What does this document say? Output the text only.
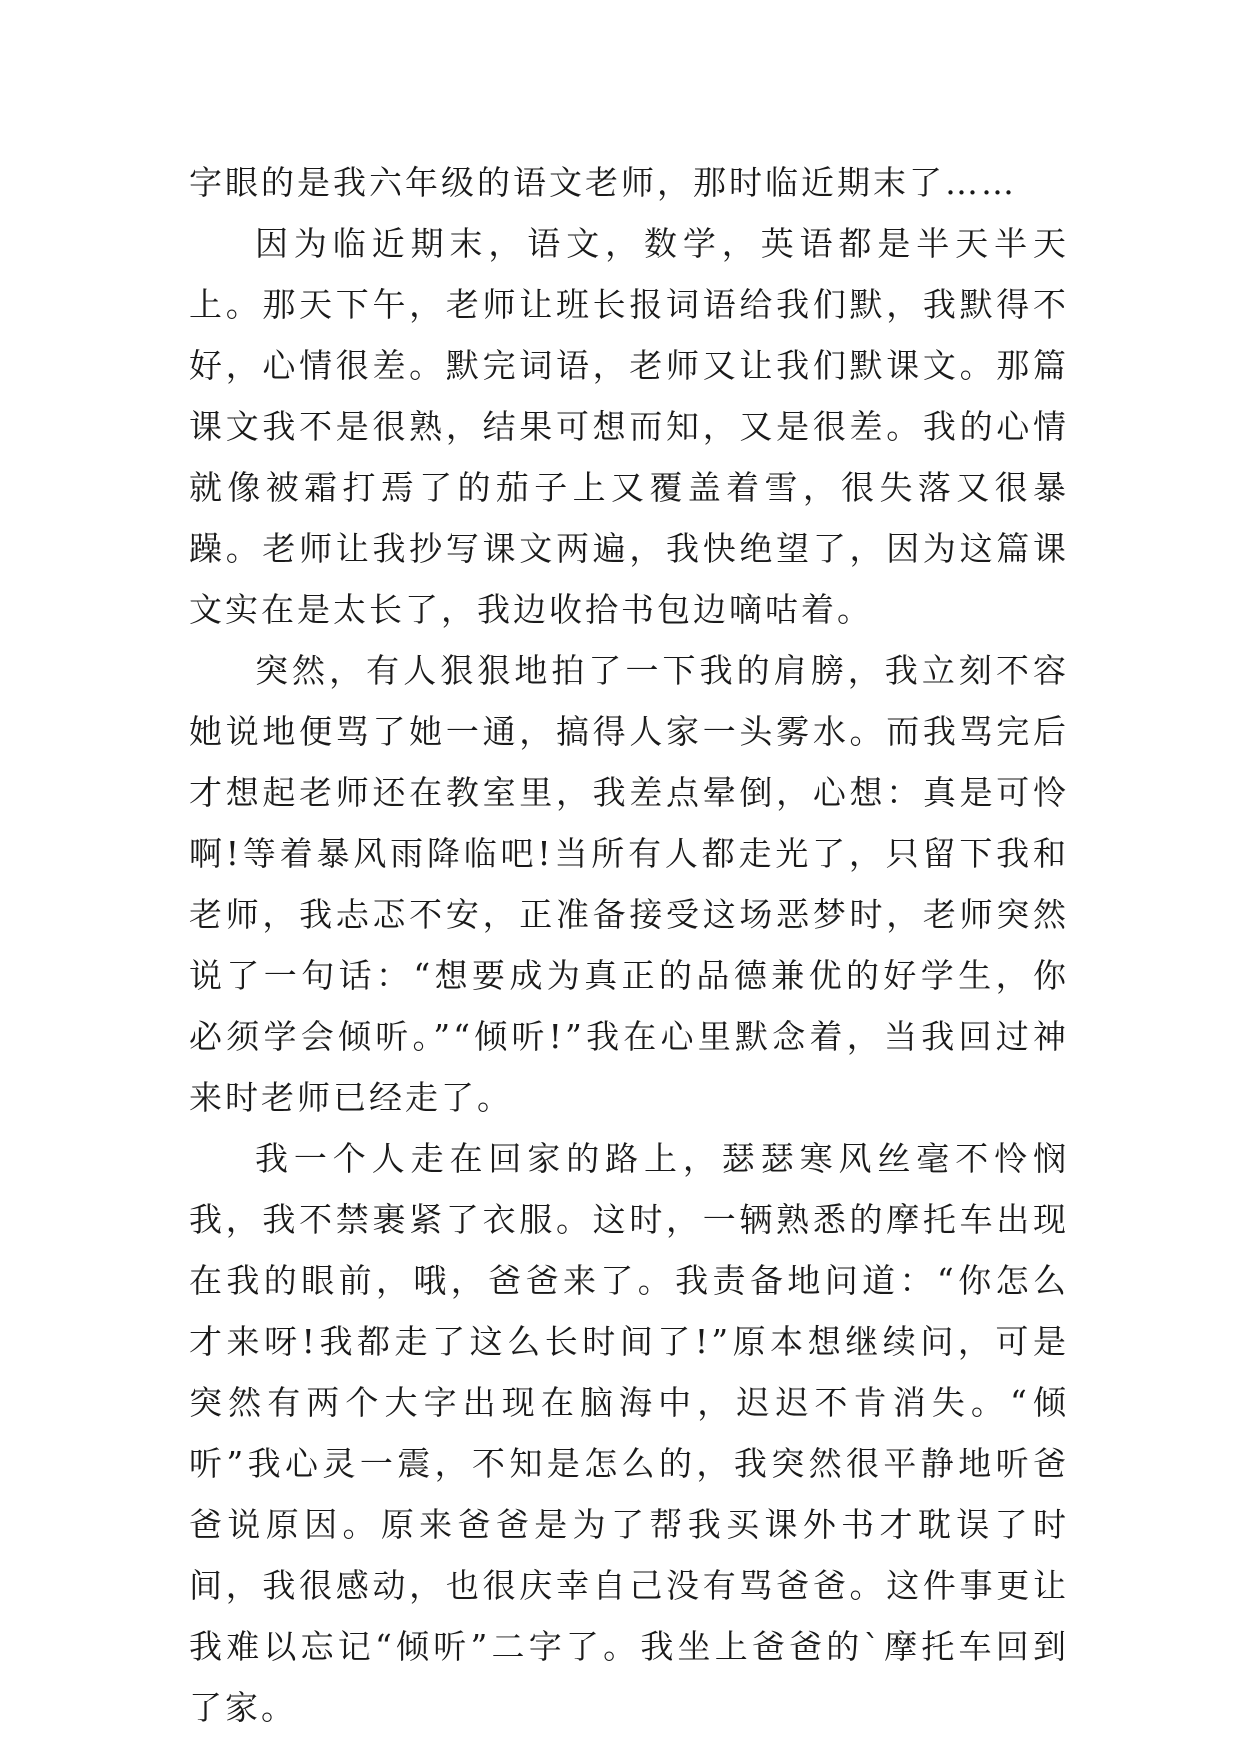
字眼的是我六年级的语文老师，那时临近期末了……

因为临近期末，语文，数学，英语都是半天半天上。那天下午，老师让班长报词语给我们默，我默得不好，心情很差。默完词语，老师又让我们默课文。那篇课文我不是很熟，结果可想而知，又是很差。我的心情就像被霜打焉了的茄子上又覆盖着雪，很失落又很暴躁。老师让我抄写课文两遍，我快绝望了，因为这篇课文实在是太长了，我边收拾书包边嘀咕着。

突然，有人狠狠地拍了一下我的肩膀，我立刻不容她说地便骂了她一通，搞得人家一头雾水。而我骂完后才想起老师还在教室里，我差点晕倒，心想：真是可怜啊!等着暴风雨降临吧!当所有人都走光了，只留下我和老师，我忐忑不安，正准备接受这场恶梦时，老师突然说了一句话：“想要成为真正的品德兼优的好学生，你必须学会倾听。”“倾听!”我在心里默念着，当我回过神来时老师已经走了。

我一个人走在回家的路上，瑟瑟寒风丝毫不怜悯我，我不禁裹紧了衣服。这时，一辆熟悉的摩托车出现在我的眼前，哦，爸爸来了。我责备地问道：“你怎么才来呀!我都走了这么长时间了!”原本想继续问，可是突然有两个大字出现在脑海中，迟迟不肯消失。“倾听”我心灵一震，不知是怎么的，我突然很平静地听爸爸说原因。原来爸爸是为了帮我买课外书才耽误了时间，我很感动，也很庆幸自己没有骂爸爸。这件事更让我难以忘记“倾听”二字了。我坐上爸爸的`摩托车回到了家。
